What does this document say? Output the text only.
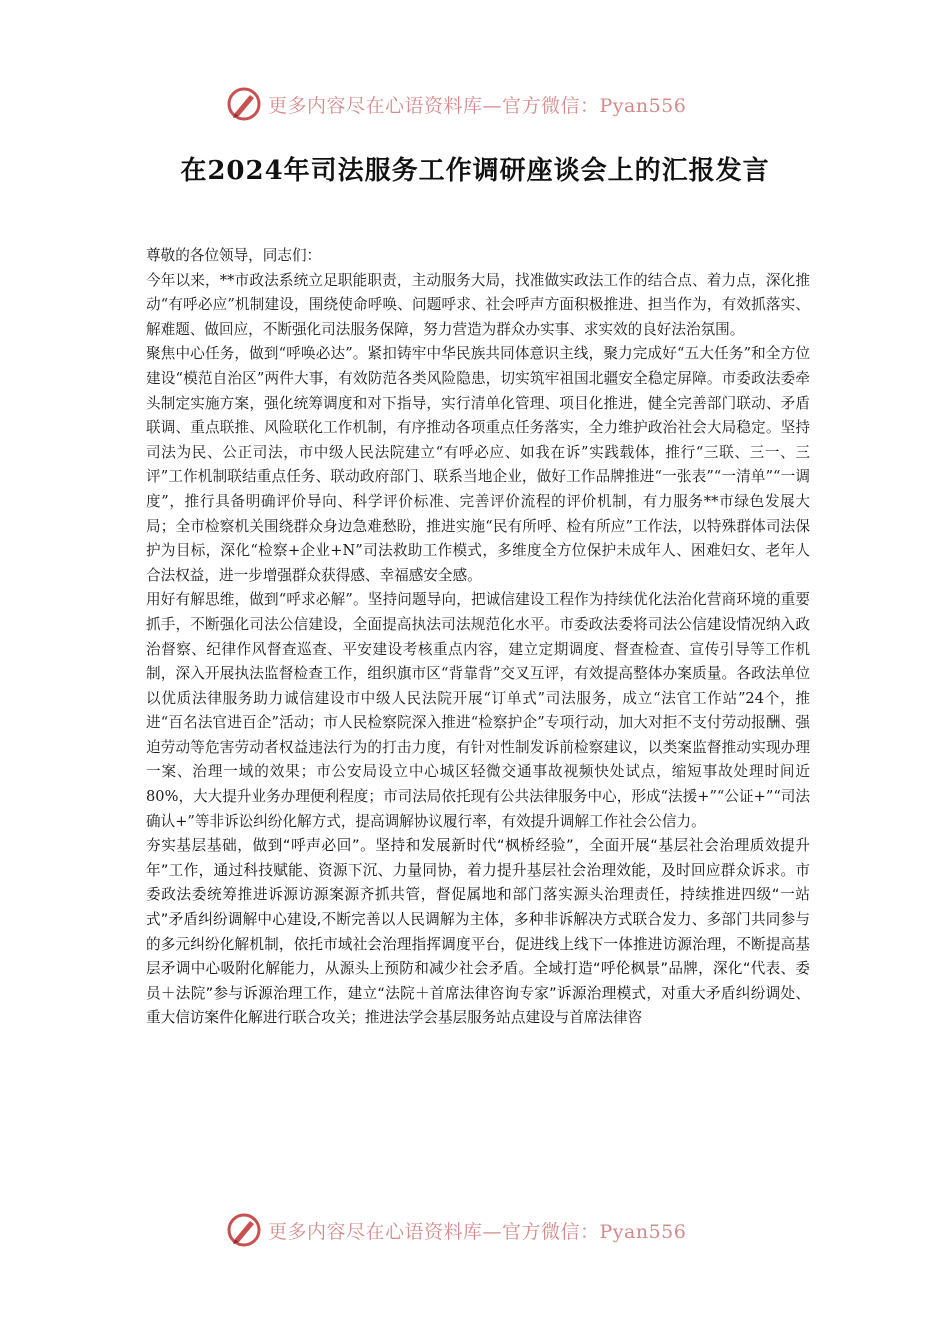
更多内容尽在心语资料库—官方微信：Pyan556
在2024年司法服务工作调研座谈会上的汇报发言

尊敬的各位领导，同志们：

今年以来，**市政法系统立足职能职责，主动服务大局，找准做实政法工作的结合点、着力点，深化推动“有呼必应”机制建设，围绕使命呼唤、问题呼求、社会呼声方面积极推进、担当作为，有效抓落实、解难题、做回应，不断强化司法服务保障，努力营造为群众办实事、求实效的良好法治氛围。

聚焦中心任务，做到“呼唤必达”。紧扣铸牢中华民族共同体意识主线，聚力完成好“五大任务”和全方位建设“模范自治区”两件大事，有效防范各类风险隐患，切实筑牢祖国北疆安全稳定屏障。市委政法委牵头制定实施方案，强化统筹调度和对下指导，实行清单化管理、项目化推进，健全完善部门联动、矛盾联调、重点联推、风险联化工作机制，有序推动各项重点任务落实，全力维护政治社会大局稳定。坚持司法为民、公正司法，市中级人民法院建立“有呼必应、如我在诉”实践载体，推行“三联、三一、三评”工作机制联结重点任务、联动政府部门、联系当地企业，做好工作品牌推进“一张表”“一清单”“一调度”，推行具备明确评价导向、科学评价标准、完善评价流程的评价机制，有力服务**市绿色发展大局；全市检察机关围绕群众身边急难愁盼，推进实施“民有所呼、检有所应”工作法，以特殊群体司法保护为目标，深化“检察+企业+N”司法救助工作模式，多维度全方位保护未成年人、困难妇女、老年人合法权益，进一步增强群众获得感、幸福感安全感。

用好有解思维，做到“呼求必解”。坚持问题导向，把诚信建设工程作为持续优化法治化营商环境的重要抓手，不断强化司法公信建设，全面提高执法司法规范化水平。市委政法委将司法公信建设情况纳入政治督察、纪律作风督查巡查、平安建设考核重点内容，建立定期调度、督查检查、宣传引导等工作机制，深入开展执法监督检查工作，组织旗市区“背靠背”交叉互评，有效提高整体办案质量。各政法单位以优质法律服务助力诚信建设市中级人民法院开展“订单式”司法服务，成立“法官工作站”24个，推进“百名法官进百企”活动；市人民检察院深入推进“检察护企”专项行动，加大对拒不支付劳动报酬、强迫劳动等危害劳动者权益违法行为的打击力度，有针对性制发诉前检察建议，以类案监督推动实现办理一案、治理一域的效果；市公安局设立中心城区轻微交通事故视频快处试点，缩短事故处理时间近80%，大大提升业务办理便利程度；市司法局依托现有公共法律服务中心，形成“法援+”“公证+”“司法确认+”等非诉讼纠纷化解方式，提高调解协议履行率，有效提升调解工作社会公信力。

夯实基层基础，做到“呼声必回”。坚持和发展新时代“枫桥经验”，全面开展“基层社会治理质效提升年”工作，通过科技赋能、资源下沉、力量同协，着力提升基层社会治理效能，及时回应群众诉求。市委政法委统筹推进诉源访源案源齐抓共管，督促属地和部门落实源头治理责任，持续推进四级“一站式”矛盾纠纷调解中心建设,不断完善以人民调解为主体，多种非诉解决方式联合发力、多部门共同参与的多元纠纷化解机制，依托市域社会治理指挥调度平台，促进线上线下一体推进访源治理，不断提高基层矛调中心吸附化解能力，从源头上预防和减少社会矛盾。全域打造“呼伦枫景”品牌，深化“代表、委员＋法院”参与诉源治理工作，建立“法院＋首席法律咨询专家”诉源治理模式，对重大矛盾纠纷调处、重大信访案件化解进行联合攻关；推进法学会基层服务站点建设与首席法律咨

更多内容尽在心语资料库—官方微信：Pyan556
